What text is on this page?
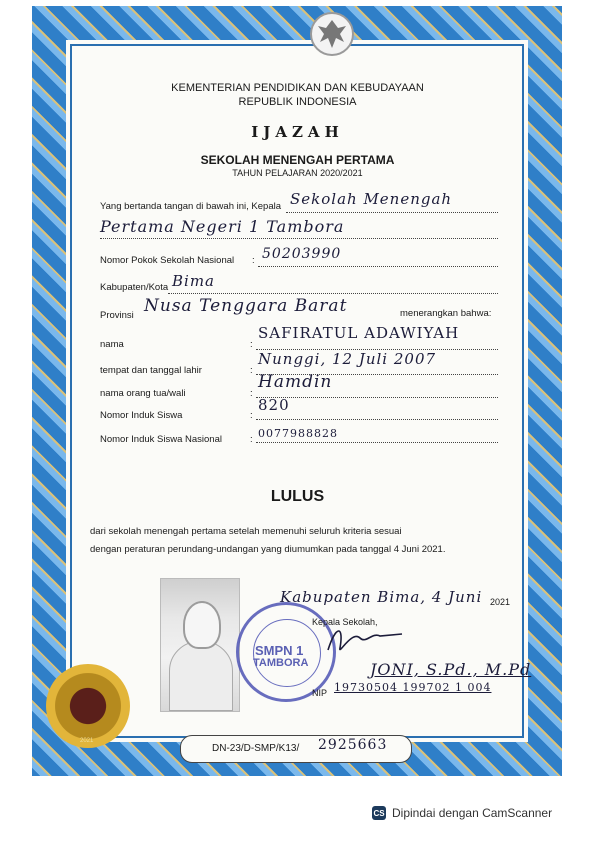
KEMENTERIAN PENDIDIKAN DAN KEBUDAYAAN
REPUBLIK INDONESIA
IJAZAH
SEKOLAH MENENGAH PERTAMA
TAHUN PELAJARAN 2020/2021
Yang bertanda tangan di bawah ini, Kepala Sekolah Menengah
Pertama Negeri 1 Tambora
Nomor Pokok Sekolah Nasional : 50203990
Kabupaten/Kota Bima
Provinsi Nusa Tenggara Barat	menerangkan bahwa:
nama	:
SAFIRATUL ADAWIYAH
tempat dan tanggal lahir	:
Nunggi, 12 Juli 2007
nama orang tua/wali	:
Hamdin
Nomor Induk Siswa	:
820
Nomor Induk Siswa Nasional	: 0077988828
LULUS
dari sekolah menengah pertama setelah memenuhi seluruh kriteria sesuai
dengan peraturan perundang-undangan yang diumumkan pada tanggal 4 Juni 2021.
SMPN 1
TAMBORA
Kabupaten Bima, 4 Juni 2021
Kepala Sekolah,
JONI, S.Pd., M.Pd
NIP 19730504 199702 1 004
2021
DN-23/D-SMP/K13/ 2925663
CS Dipindai dengan CamScanner
